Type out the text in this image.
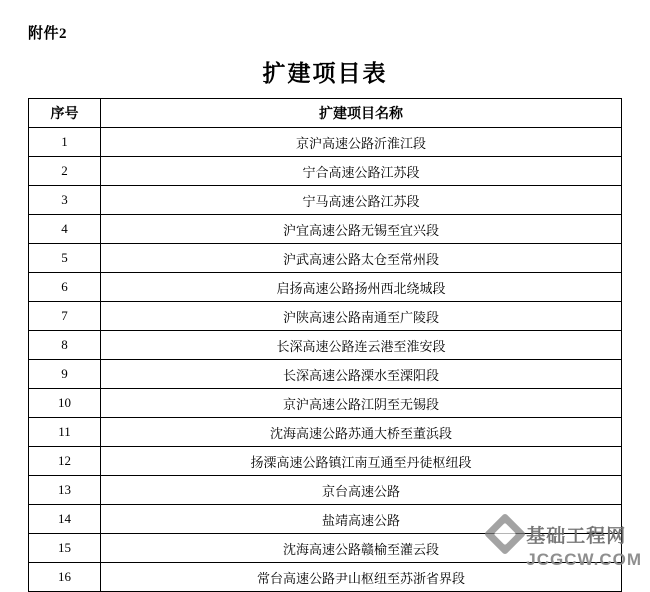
附件2
扩建项目表
序号	扩建项目名称
1	京沪高速公路沂淮江段
2	宁合高速公路江苏段
3	宁马高速公路江苏段
4	沪宜高速公路无锡至宜兴段
5	沪武高速公路太仓至常州段
6	启扬高速公路扬州西北绕城段
7	沪陕高速公路南通至广陵段
8	长深高速公路连云港至淮安段
9	长深高速公路溧水至溧阳段
10	京沪高速公路江阴至无锡段
11	沈海高速公路苏通大桥至董浜段
12	扬溧高速公路镇江南互通至丹徒枢纽段
13	京台高速公路
14	盐靖高速公路
15	沈海高速公路赣榆至灌云段
16	常台高速公路尹山枢纽至苏浙省界段
基础工程网
JCGCW.COM
